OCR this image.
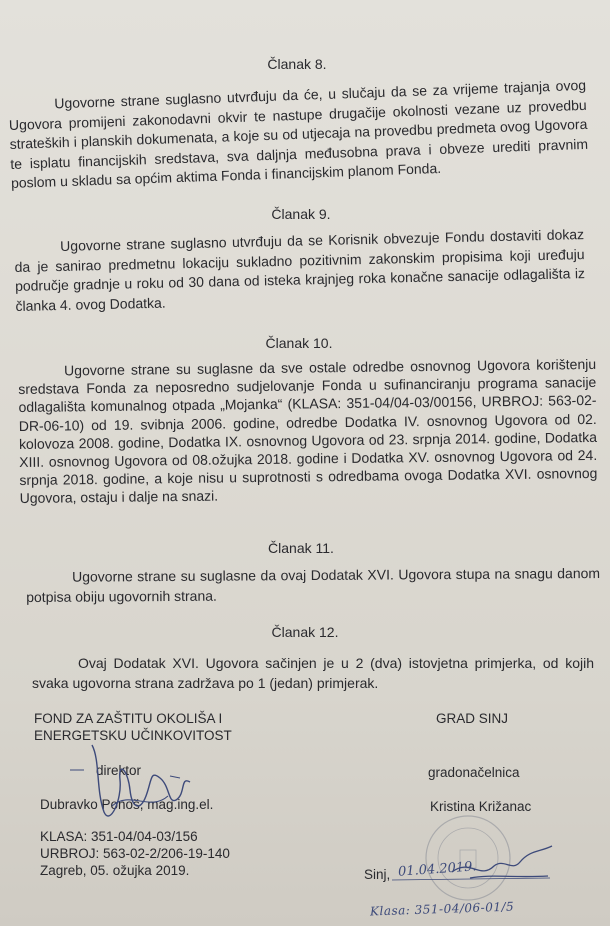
Članak 8.
Ugovorne strane suglasno utvrđuju da će, u slučaju da se za vrijeme trajanja ovog Ugovora promijeni zakonodavni okvir te nastupe drugačije okolnosti vezane uz provedbu strateških i planskih dokumenata, a koje su od utjecaja na provedbu predmeta ovog Ugovora te isplatu financijskih sredstava, sva daljnja međusobna prava i obveze urediti pravnim poslom u skladu sa općim aktima Fonda i financijskim planom Fonda.
Članak 9.
Ugovorne strane suglasno utvrđuju da se Korisnik obvezuje Fondu dostaviti dokaz da je sanirao predmetnu lokaciju sukladno pozitivnim zakonskim propisima koji uređuju područje gradnje u roku od 30 dana od isteka krajnjeg roka konačne sanacije odlagališta iz članka 4. ovog Dodatka.
Članak 10.
Ugovorne strane su suglasne da sve ostale odredbe osnovnog Ugovora korištenju sredstava Fonda za neposredno sudjelovanje Fonda u sufinanciranju programa sanacije odlagališta komunalnog otpada „Mojanka“ (KLASA: 351-04/04-03/00156, URBROJ: 563-02-DR-06-10) od 19. svibnja 2006. godine, odredbe Dodatka IV. osnovnog Ugovora od 02. kolovoza 2008. godine, Dodatka IX. osnovnog Ugovora od 23. srpnja 2014. godine, Dodatka XIII. osnovnog Ugovora od 08.ožujka 2018. godine i Dodatka XV. osnovnog Ugovora od 24. srpnja 2018. godine, a koje nisu u suprotnosti s odredbama ovoga Dodatka XVI. osnovnog Ugovora, ostaju i dalje na snazi.
Članak 11.
Ugovorne strane su suglasne da ovaj Dodatak XVI. Ugovora stupa na snagu danom potpisa obiju ugovornih strana.
Članak 12.
Ovaj Dodatak XVI. Ugovora sačinjen je u 2 (dva) istovjetna primjerka, od kojih svaka ugovorna strana zadržava po 1 (jedan) primjerak.
FOND ZA ZAŠTITU OKOLIŠA I
ENERGETSKU UČINKOVITOST
direktor
Dubravko Ponoš, mag.ing.el.
KLASA: 351-04/04-03/156
URBROJ: 563-02-2/206-19-140
Zagreb, 05. ožujka 2019.
GRAD SINJ
gradonačelnica
Kristina Križanac
Sinj, 01.04.2019.
Klasa: 351-04/06-01/5
